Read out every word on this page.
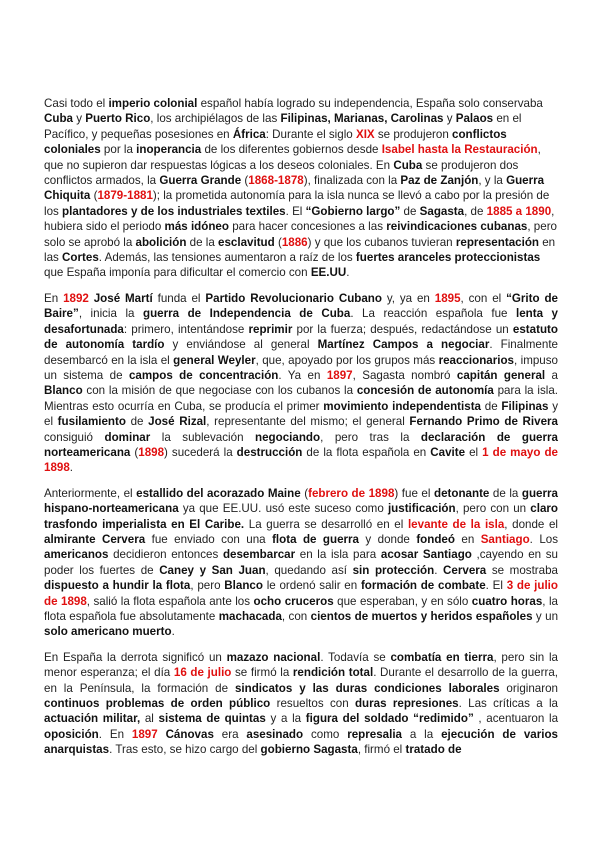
Casi todo el imperio colonial español había logrado su independencia, España solo conservaba Cuba y Puerto Rico, los archipiélagos de las Filipinas, Marianas, Carolinas y Palaos en el Pacífico, y pequeñas posesiones en África: Durante el siglo XIX se produjeron conflictos coloniales por la inoperancia de los diferentes gobiernos desde Isabel hasta la Restauración, que no supieron dar respuestas lógicas a los deseos coloniales. En Cuba se produjeron dos conflictos armados, la Guerra Grande (1868-1878), finalizada con la Paz de Zanjón, y la Guerra Chiquita (1879-1881); la prometida autonomía para la isla nunca se llevó a cabo por la presión de los plantadores y de los industriales textiles. El “Gobierno largo” de Sagasta, de 1885 a 1890, hubiera sido el periodo más idóneo para hacer concesiones a las reivindicaciones cubanas, pero solo se aprobó la abolición de la esclavitud (1886) y que los cubanos tuvieran representación en las Cortes. Además, las tensiones aumentaron a raíz de los fuertes aranceles proteccionistas que España imponía para dificultar el comercio con EE.UU.

En 1892 José Martí funda el Partido Revolucionario Cubano y, ya en 1895, con el “Grito de Baire”, inicia la guerra de Independencia de Cuba. La reacción española fue lenta y desafortunada: primero, intentándose reprimir por la fuerza; después, redactándose un estatuto de autonomía tardío y enviándose al general Martínez Campos a negociar. Finalmente desembarcó en la isla el general Weyler, que, apoyado por los grupos más reaccionarios, impuso un sistema de campos de concentración. Ya en 1897, Sagasta nombró capitán general a Blanco con la misión de que negociase con los cubanos la concesión de autonomía para la isla. Mientras esto ocurría en Cuba, se producía el primer movimiento independentista de Filipinas y el fusilamiento de José Rizal, representante del mismo; el general Fernando Primo de Rivera consiguió dominar la sublevación negociando, pero tras la declaración de guerra norteamericana (1898) sucederá la destrucción de la flota española en Cavite el 1 de mayo de 1898.

Anteriormente, el estallido del acorazado Maine (febrero de 1898) fue el detonante de la guerra hispano-norteamericana ya que EE.UU. usó este suceso como justificación, pero con un claro trasfondo imperialista en El Caribe. La guerra se desarrolló en el levante de la isla, donde el almirante Cervera fue enviado con una flota de guerra y donde fondeó en Santiago. Los americanos decidieron entonces desembarcar en la isla para acosar Santiago ,cayendo en su poder los fuertes de Caney y San Juan, quedando así sin protección. Cervera se mostraba dispuesto a hundir la flota, pero Blanco le ordenó salir en formación de combate. El 3 de julio de 1898, salió la flota española ante los ocho cruceros que esperaban, y en sólo cuatro horas, la flota española fue absolutamente machacada, con cientos de muertos y heridos españoles y un solo americano muerto.

En España la derrota significó un mazazo nacional. Todavía se combatía en tierra, pero sin la menor esperanza; el día 16 de julio se firmó la rendición total. Durante el desarrollo de la guerra, en la Península, la formación de sindicatos y las duras condiciones laborales originaron continuos problemas de orden público resueltos con duras represiones. Las críticas a la actuación militar, al sistema de quintas y a la figura del soldado “redimido” , acentuaron la oposición. En 1897 Cánovas era asesinado como represalia a la ejecución de varios anarquistas. Tras esto, se hizo cargo del gobierno Sagasta, firmó el tratado de
